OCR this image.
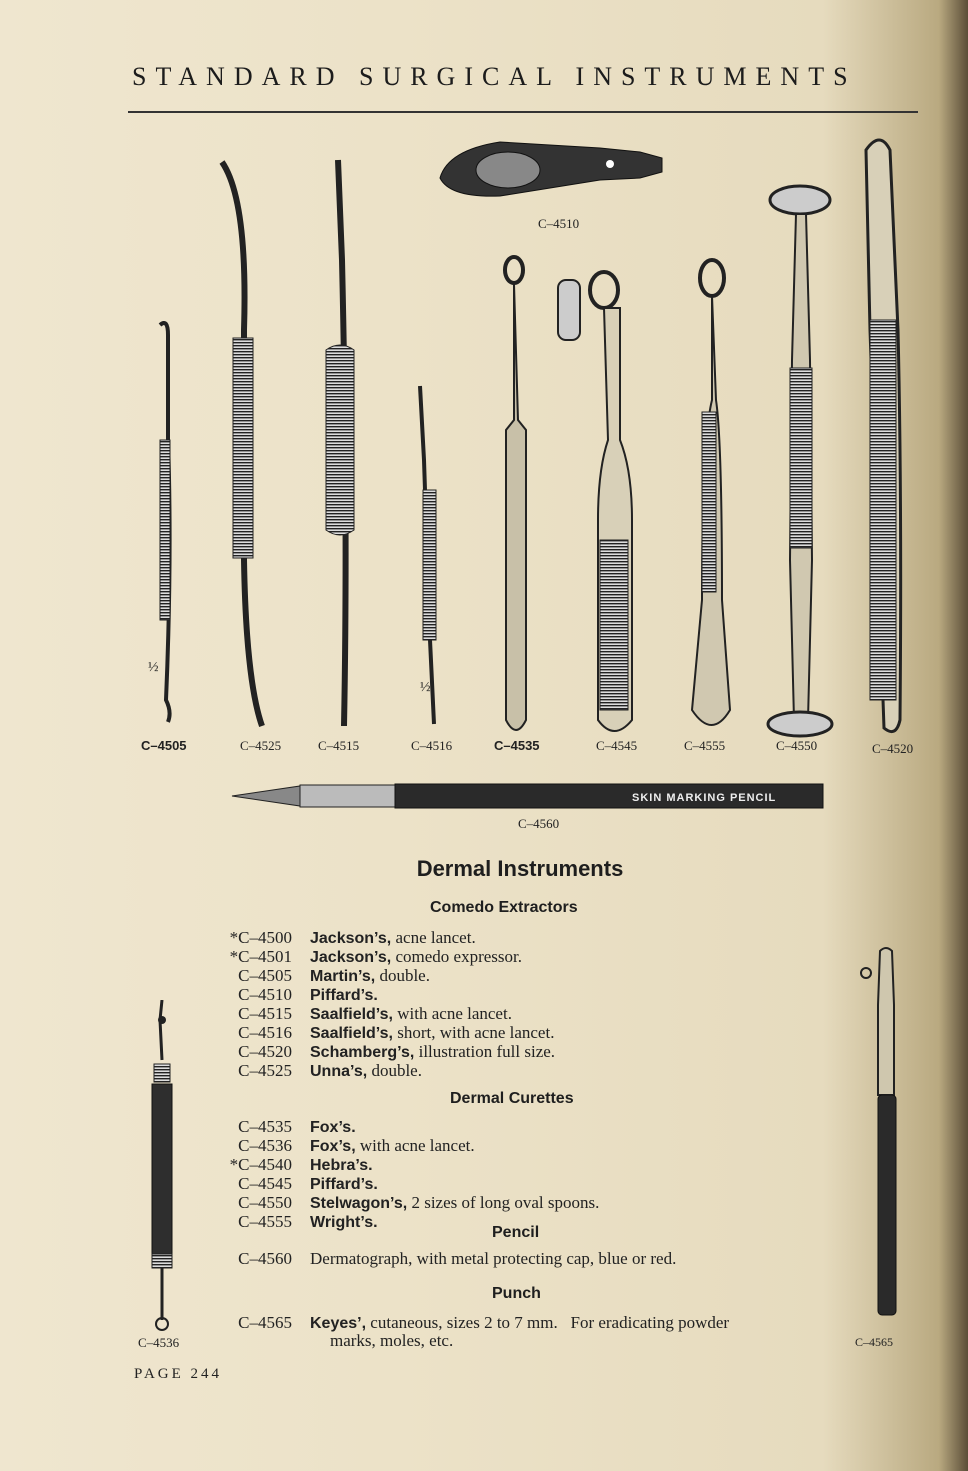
STANDARD SURGICAL INSTRUMENTS
SKIN MARKING PENCIL
C–4510
½
½
C–4505	C–4525	C–4515	C–4516	C–4535	C–4545	C–4555	C–4550	C–4520
C–4560
Dermal Instruments
Comedo Extractors
*C–4500 Jackson’s, acne lancet.
*C–4501 Jackson’s, comedo expressor.
C–4505 Martin’s, double.
C–4510 Piffard’s.
C–4515 Saalfield’s, with acne lancet.
C–4516 Saalfield’s, short, with acne lancet.
C–4520 Schamberg’s, illustration full size.
C–4525 Unna’s, double.
Dermal Curettes
C–4535 Fox’s.
C–4536 Fox’s, with acne lancet.
*C–4540 Hebra’s.
C–4545 Piffard’s.
C–4550 Stelwagon’s, 2 sizes of long oval spoons.
C–4555 Wright’s.
Pencil
C–4560 Dermatograph, with metal protecting cap, blue or red.
Punch
C–4565 Keyes’, cutaneous, sizes 2 to 7 mm.   For eradicating powder
marks, moles, etc.
C–4536	C–4565
PAGE 244
